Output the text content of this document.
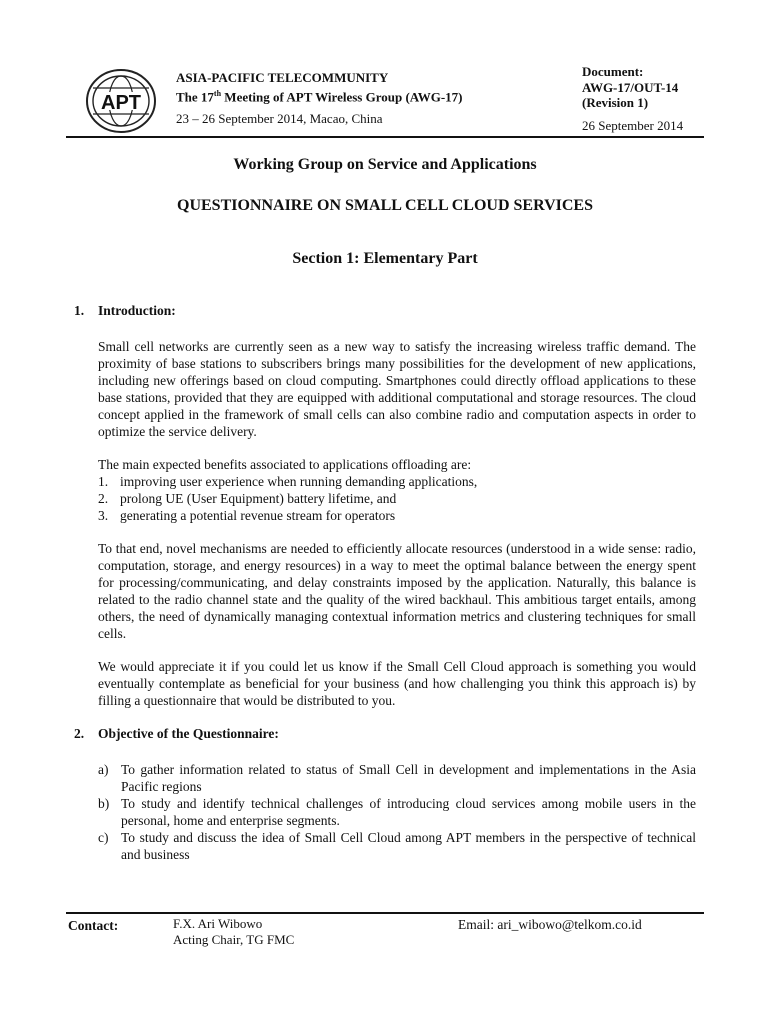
APT
ASIA-PACIFIC TELECOMMUNITY
The 17th Meeting of APT Wireless Group (AWG-17)
23 – 26 September 2014, Macao, China
Document:
AWG-17/OUT-14
(Revision 1)
26 September 2014
Working Group on Service and Applications
QUESTIONNAIRE ON SMALL CELL CLOUD SERVICES
Section 1: Elementary Part
1.	Introduction:

Small cell networks are currently seen as a new way to satisfy the increasing wireless traffic demand. The proximity of base stations to subscribers brings many possibilities for the development of new applications, including new offerings based on cloud computing. Smartphones could directly offload applications to these base stations, provided that they are equipped with additional computational and storage resources. The cloud concept applied in the framework of small cells can also combine radio and computation aspects in order to optimize the service delivery.

The main expected benefits associated to applications offloading are:

1. improving user experience when running demanding applications,
2. prolong UE (User Equipment) battery lifetime, and
3. generating a potential revenue stream for operators

To that end, novel mechanisms are needed to efficiently allocate resources (understood in a wide sense: radio, computation, storage, and energy resources) in a way to meet the optimal balance between the energy spent for processing/communicating, and delay constraints imposed by the application. Naturally, this balance is related to the radio channel state and the quality of the wired backhaul. This ambitious target entails, among others, the need of dynamically managing contextual information metrics and clustering techniques for small cells.

We would appreciate it if you could let us know if the Small Cell Cloud approach is something you would eventually contemplate as beneficial for your business (and how challenging you think this approach is) by filling a questionnaire that would be distributed to you.

2.	Objective of the Questionnaire:
a) To gather information related to status of Small Cell in development and implementations in the Asia Pacific regions
b) To study and identify technical challenges of introducing cloud services among mobile users in the personal, home and enterprise segments.
c) To study and discuss the idea of Small Cell Cloud among APT members in the perspective of technical and business
Contact:	F.X. Ari Wibowo
Acting Chair, TG FMC
Email: ari_wibowo@telkom.co.id
